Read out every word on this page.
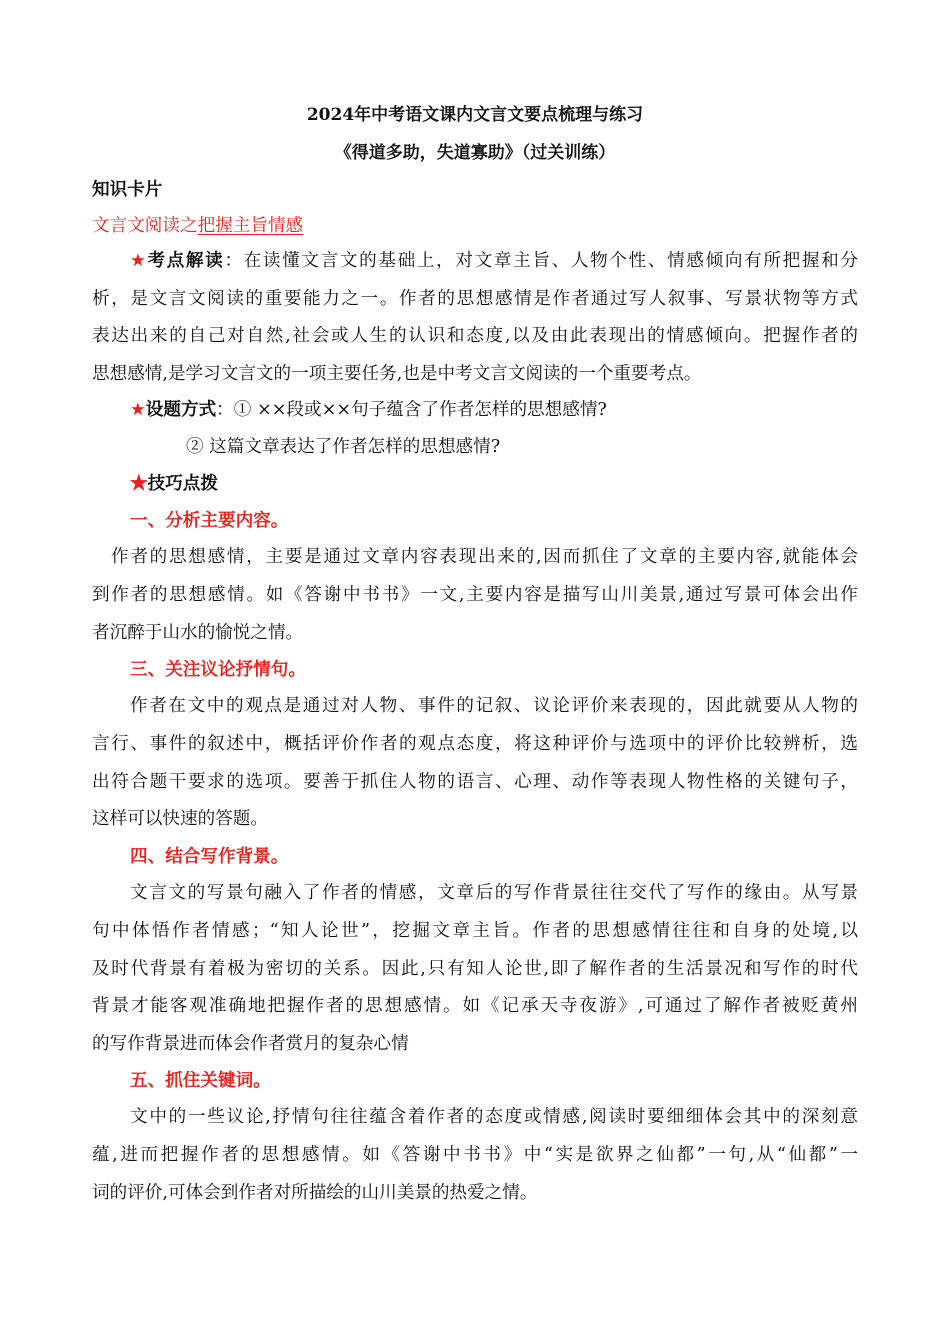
2024年中考语文课内文言文要点梳理与练习
《得道多助，失道寡助》（过关训练）
知识卡片
文言文阅读之把握主旨情感
★考点解读：在读懂文言文的基础上，对文章主旨、人物个性、情感倾向有所把握和分
析，是文言文阅读的重要能力之一。作者的思想感情是作者通过写人叙事、写景状物等方式
表达出来的自己对自然,社会或人生的认识和态度,以及由此表现出的情感倾向。把握作者的
思想感情,是学习文言文的一项主要任务,也是中考文言文阅读的一个重要考点。
★设题方式：① ××段或××句子蕴含了作者怎样的思想感情?
② 这篇文章表达了作者怎样的思想感情?
★技巧点拨
一、分析主要内容。
作者的思想感情，主要是通过文章内容表现出来的,因而抓住了文章的主要内容,就能体会
到作者的思想感情。如《答谢中书书》一文,主要内容是描写山川美景,通过写景可体会出作
者沉醉于山水的愉悦之情。
三、关注议论抒情句。
作者在文中的观点是通过对人物、事件的记叙、议论评价来表现的，因此就要从人物的
言行、事件的叙述中，概括评价作者的观点态度，将这种评价与选项中的评价比较辨析，选
出符合题干要求的选项。要善于抓住人物的语言、心理、动作等表现人物性格的关键句子，
这样可以快速的答题。
四、结合写作背景。
文言文的写景句融入了作者的情感，文章后的写作背景往往交代了写作的缘由。从写景
句中体悟作者情感；“知人论世”，挖掘文章主旨。作者的思想感情往往和自身的处境,以
及时代背景有着极为密切的关系。因此,只有知人论世,即了解作者的生活景况和写作的时代
背景才能客观准确地把握作者的思想感情。如《记承天寺夜游》,可通过了解作者被贬黄州
的写作背景进而体会作者赏月的复杂心情
五、抓住关键词。
文中的一些议论,抒情句往往蕴含着作者的态度或情感,阅读时要细细体会其中的深刻意
蕴,进而把握作者的思想感情。如《答谢中书书》中“实是欲界之仙都”一句,从“仙都”一
词的评价,可体会到作者对所描绘的山川美景的热爱之情。
